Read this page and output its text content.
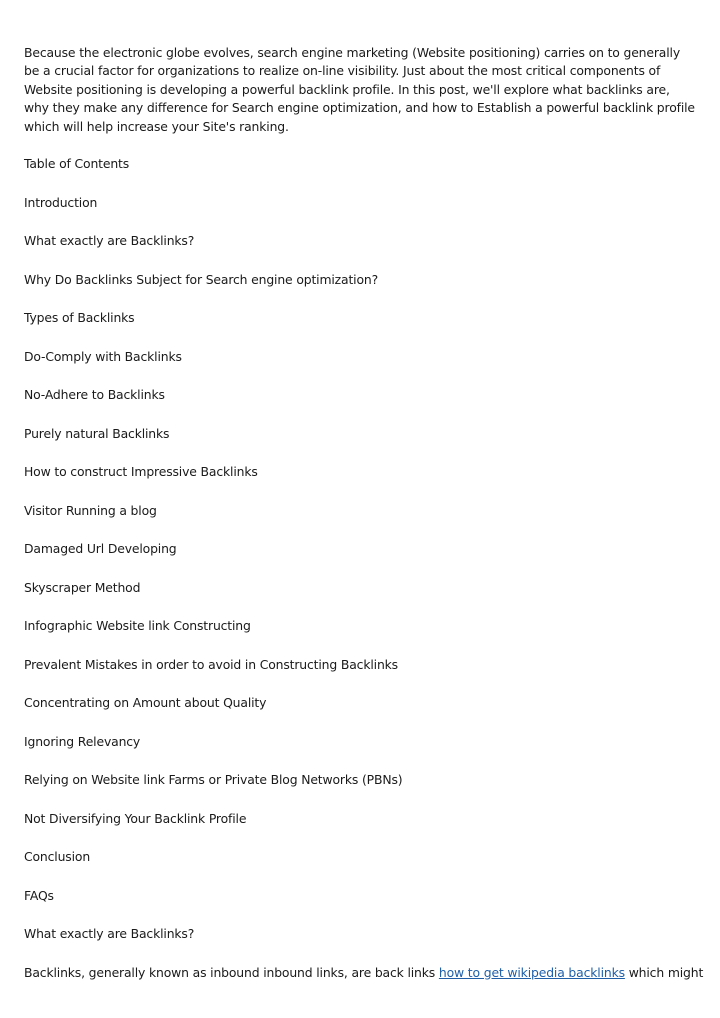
Because the electronic globe evolves, search engine marketing (Website positioning) carries on to generally be a crucial factor for organizations to realize on-line visibility. Just about the most critical components of Website positioning is developing a powerful backlink profile. In this post, we'll explore what backlinks are, why they make any difference for Search engine optimization, and how to Establish a powerful backlink profile which will help increase your Site's ranking.

Table of Contents

Introduction

What exactly are Backlinks?

Why Do Backlinks Subject for Search engine optimization?

Types of Backlinks

Do-Comply with Backlinks

No-Adhere to Backlinks

Purely natural Backlinks

How to construct Impressive Backlinks

Visitor Running a blog

Damaged Url Developing

Skyscraper Method

Infographic Website link Constructing

Prevalent Mistakes in order to avoid in Constructing Backlinks

Concentrating on Amount about Quality

Ignoring Relevancy

Relying on Website link Farms or Private Blog Networks (PBNs)

Not Diversifying Your Backlink Profile

Conclusion

FAQs

What exactly are Backlinks?

Backlinks, generally known as inbound inbound links, are back links how to get wikipedia backlinks which might
